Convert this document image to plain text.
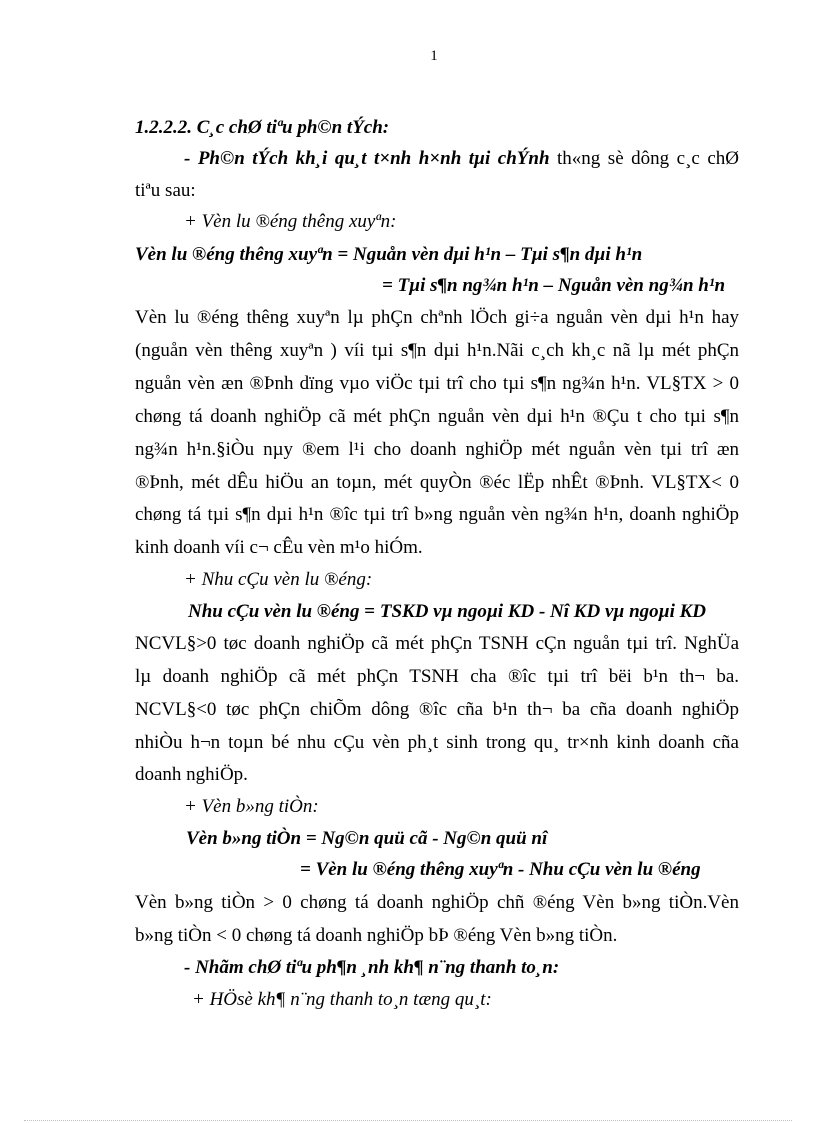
1
1.2.2.2. C¸c chØ tiªu ph©n tÝch:
- Ph©n tÝch kh¸i qu¸t t×nh h×nh tµi chÝnh th«ng sè dông c¸c chØ
tiªu sau:
+ Vèn lu ®éng thêng xuyªn:
Vèn lu ®éng thêng xuyªn = Nguån vèn dµi h¹n – Tµi s¶n dµi h¹n
= Tµi s¶n ng¾n h¹n – Nguån vèn ng¾n h¹n
Vèn lu ®éng thêng xuyªn lµ phÇn chªnh lÖch gi÷a nguån vèn dµi h¹n hay
(nguån vèn thêng xuyªn ) víi tµi s¶n dµi h¹n.Nãi c¸ch kh¸c nã lµ mét phÇn
nguån vèn æn ®Þnh dïng vµo viÖc tµi trî cho tµi s¶n ng¾n h¹n. VL§TX > 0
chøng tá doanh nghiÖp cã mét phÇn nguån vèn dµi h¹n ®Çu t cho tµi s¶n
ng¾n h¹n.§iÒu nµy ®em l¹i cho doanh nghiÖp mét nguån vèn tµi trî æn
®Þnh, mét dÊu hiÖu an toµn, mét quyÒn ®éc lËp nhÊt ®Þnh. VL§TX< 0
chøng tá tµi s¶n dµi h¹n ®îc tµi trî b»ng nguån vèn ng¾n h¹n, doanh nghiÖp
kinh doanh víi c¬ cÊu vèn m¹o hiÓm.
+ Nhu cÇu vèn lu ®éng:
Nhu cÇu vèn lu ®éng = TSKD vµ ngoµi KD - Nî KD vµ ngoµi KD
NCVL§>0 tøc doanh nghiÖp cã mét phÇn TSNH cÇn nguån tµi trî. NghÜa
lµ doanh nghiÖp cã mét phÇn TSNH cha ®îc tµi trî bëi b¹n th¬ ba.
NCVL§<0 tøc phÇn chiÕm dông ®îc cña b¹n th¬ ba cña doanh nghiÖp
nhiÒu h¬n toµn bé nhu cÇu vèn ph¸t sinh trong qu¸ tr×nh kinh doanh cña
doanh nghiÖp.
+ Vèn b»ng tiÒn:
Vèn b»ng tiÒn = Ng©n quü cã - Ng©n quü nî
= Vèn lu ®éng thêng xuyªn - Nhu cÇu vèn lu ®éng
Vèn b»ng tiÒn > 0 chøng tá doanh nghiÖp chñ ®éng Vèn b»ng tiÒn.Vèn
b»ng tiÒn < 0 chøng tá doanh nghiÖp bÞ ®éng Vèn b»ng tiÒn.
- Nhãm chØ tiªu ph¶n ¸nh kh¶ n¨ng thanh to¸n:
+ HÖsè kh¶ n¨ng thanh to¸n tæng qu¸t:
